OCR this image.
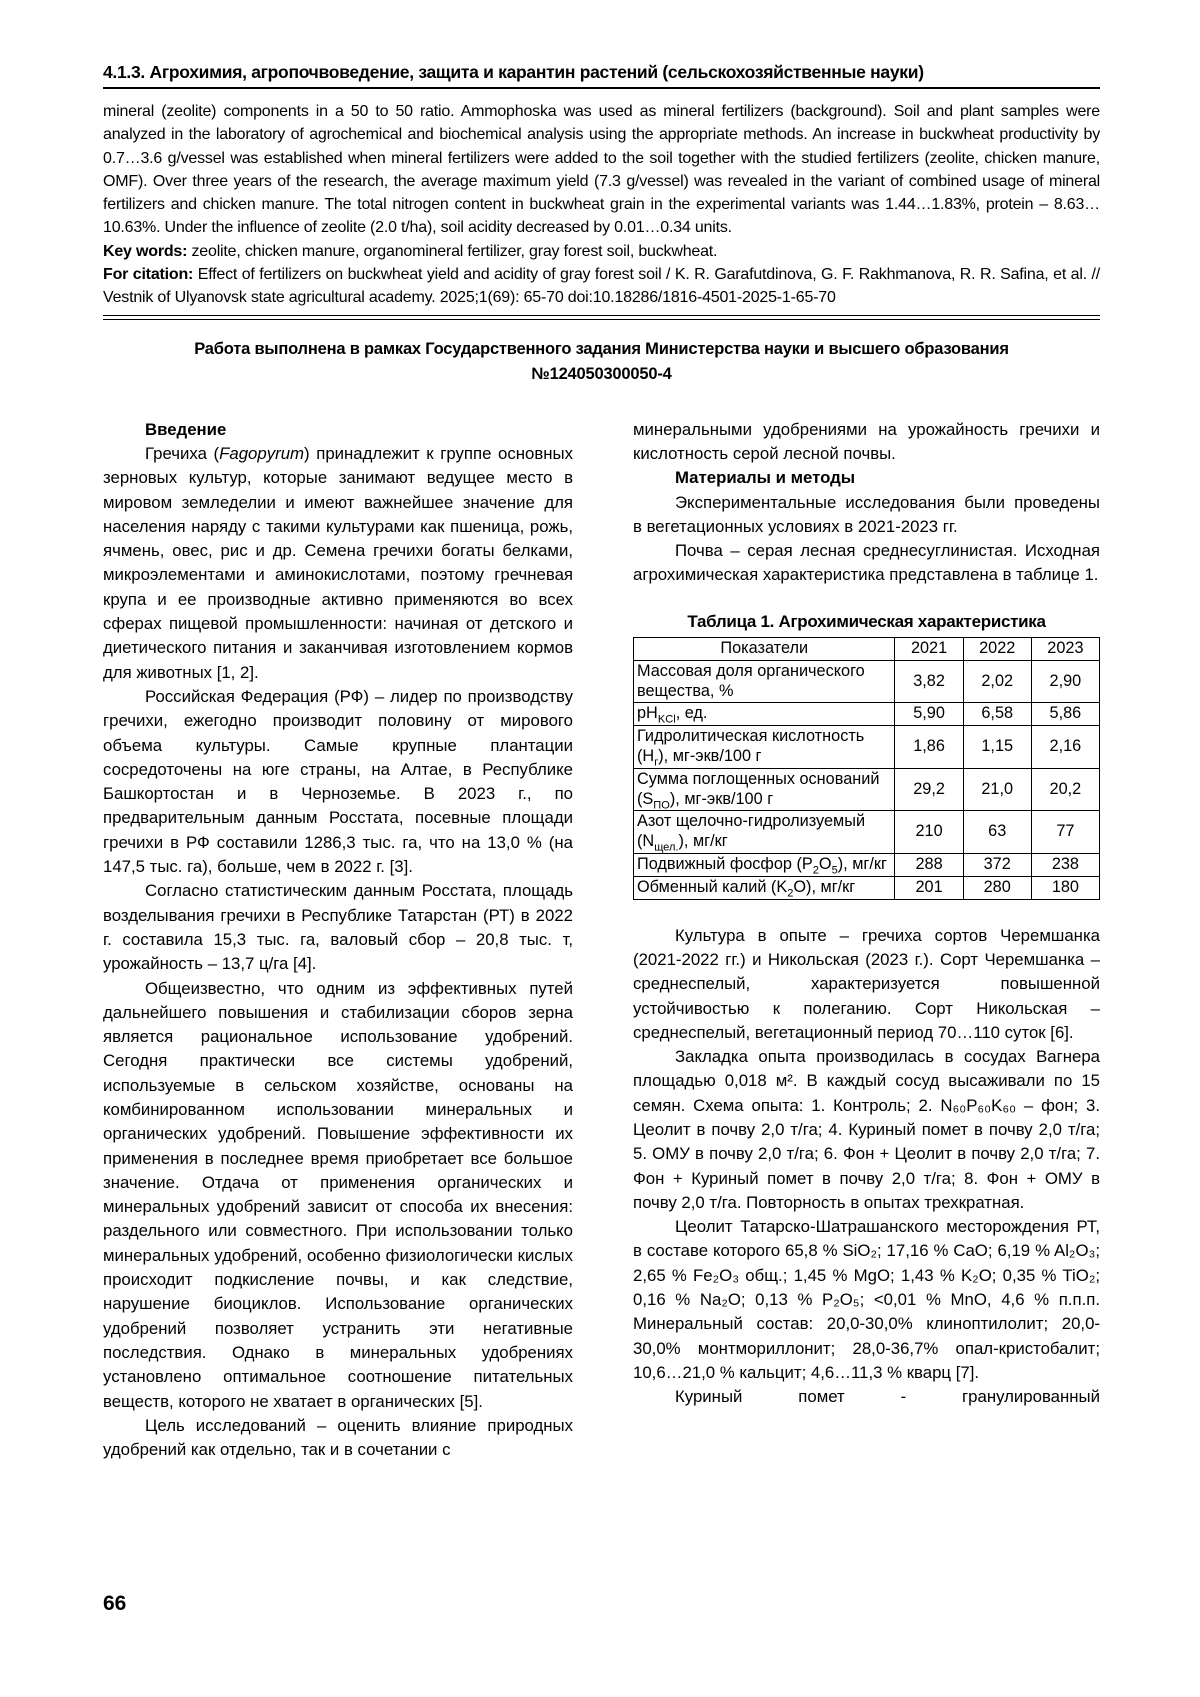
4.1.3. Агрохимия, агропочвоведение, защита и карантин растений (сельскохозяйственные науки)

mineral (zeolite) components in a 50 to 50 ratio. Ammophoska was used as mineral fertilizers (background). Soil and plant samples were analyzed in the laboratory of agrochemical and biochemical analysis using the appropriate methods. An increase in buckwheat productivity by 0.7…3.6 g/vessel was established when mineral fertilizers were added to the soil together with the studied fertilizers (zeolite, chicken manure, OMF). Over three years of the research, the average maximum yield (7.3 g/vessel) was revealed in the variant of combined usage of mineral fertilizers and chicken manure. The total nitrogen content in buckwheat grain in the experimental variants was 1.44…1.83%, protein – 8.63…10.63%. Under the influence of zeolite (2.0 t/ha), soil acidity decreased by 0.01…0.34 units.

Key words: zeolite, chicken manure, organomineral fertilizer, gray forest soil, buckwheat.

For citation: Effect of fertilizers on buckwheat yield and acidity of gray forest soil / K. R. Garafutdinova, G. F. Rakhmanova, R. R. Safina, et al. // Vestnik of Ulyanovsk state agricultural academy. 2025;1(69): 65-70 doi:10.18286/1816-4501-2025-1-65-70

Работа выполнена в рамках Государственного задания Министерства науки и высшего образования
№124050300050-4

Введение

Гречиха (Fagopyrum) принадлежит к группе основных зерновых культур, которые занимают ведущее место в мировом земледелии и имеют важнейшее значение для населения наряду с такими культурами как пшеница, рожь, ячмень, овес, рис и др. Семена гречихи богаты белками, микроэлементами и аминокислотами, поэтому гречневая крупа и ее производные активно применяются во всех сферах пищевой промышленности: начиная от детского и диетического питания и заканчивая изготовлением кормов для животных [1, 2].

Российская Федерация (РФ) – лидер по производству гречихи, ежегодно производит половину от мирового объема культуры. Самые крупные плантации сосредоточены на юге страны, на Алтае, в Республике Башкортостан и в Черноземье. В 2023 г., по предварительным данным Росстата, посевные площади гречихи в РФ составили 1286,3 тыс. га, что на 13,0 % (на 147,5 тыс. га), больше, чем в 2022 г. [3].

Согласно статистическим данным Росстата, площадь возделывания гречихи в Республике Татарстан (РТ) в 2022 г. составила 15,3 тыс. га, валовый сбор – 20,8 тыс. т, урожайность – 13,7 ц/га [4].

Общеизвестно, что одним из эффективных путей дальнейшего повышения и стабилизации сборов зерна является рациональное использование удобрений. Сегодня практически все системы удобрений, используемые в сельском хозяйстве, основаны на комбинированном использовании минеральных и органических удобрений. Повышение эффективности их применения в последнее время приобретает все большое значение. Отдача от применения органических и минеральных удобрений зависит от способа их внесения: раздельного или совместного. При использовании только минеральных удобрений, особенно физиологически кислых происходит подкисление почвы, и как следствие, нарушение биоциклов. Использование органических удобрений позволяет устранить эти негативные последствия. Однако в минеральных удобрениях установлено оптимальное соотношение питательных веществ, которого не хватает в органических [5].

Цель исследований – оценить влияние природных удобрений как отдельно, так и в сочетании с

минеральными удобрениями на урожайность гречихи и кислотность серой лесной почвы.

Материалы и методы

Экспериментальные исследования были проведены в вегетационных условиях в 2021-2023 гг.

Почва – серая лесная среднесуглинистая. Исходная агрохимическая характеристика представлена в таблице 1.

Таблица 1. Агрохимическая характеристика
Показатели	2021	2022	2023
Массовая доля органического вещества, %	3,82	2,02	2,90
$pH_{KCl}$, ед.	5,90	6,58	5,86
Гидролитическая кислотность $(H_г)$, мг-экв/100 г	1,86	1,15	2,16
Сумма поглощенных оснований $(S_{ПО})$, мг-экв/100 г	29,2	21,0	20,2
Азот щелочно-гидролизуемый $(N_{щел.})$, мг/кг	210	63	77
Подвижный фосфор $(P_2O_5)$, мг/кг	288	372	238
Обменный калий $(K_2O)$, мг/кг	201	280	180

Культура в опыте – гречиха сортов Черемшанка (2021-2022 гг.) и Никольская (2023 г.). Сорт Черемшанка – среднеспелый, характеризуется повышенной устойчивостью к полеганию. Сорт Никольская – среднеспелый, вегетационный период 70…110 суток [6].

Закладка опыта производилась в сосудах Вагнера площадью 0,018 м². В каждый сосуд высаживали по 15 семян. Схема опыта: 1. Контроль; 2. N₆₀P₆₀K₆₀ – фон; 3. Цеолит в почву 2,0 т/га; 4. Куриный помет в почву 2,0 т/га; 5. ОМУ в почву 2,0 т/га; 6. Фон + Цеолит в почву 2,0 т/га; 7. Фон + Куриный помет в почву 2,0 т/га; 8. Фон + ОМУ в почву 2,0 т/га. Повторность в опытах трехкратная.

Цеолит Татарско-Шатрашанского месторождения РТ, в составе которого 65,8 % SiO₂; 17,16 % CaO; 6,19 % Al₂O₃; 2,65 % Fe₂O₃ общ.; 1,45 % MgO; 1,43 % K₂O; 0,35 % TiO₂; 0,16 % Na₂O; 0,13 % P₂O₅; <0,01 % MnO, 4,6 % п.п.п. Минеральный состав: 20,0-30,0% клиноптилолит; 20,0-30,0% монтмориллонит; 28,0-36,7% опал-кристобалит; 10,6…21,0 % кальцит; 4,6…11,3 % кварц [7].

Куриный помет - гранулированный

66
